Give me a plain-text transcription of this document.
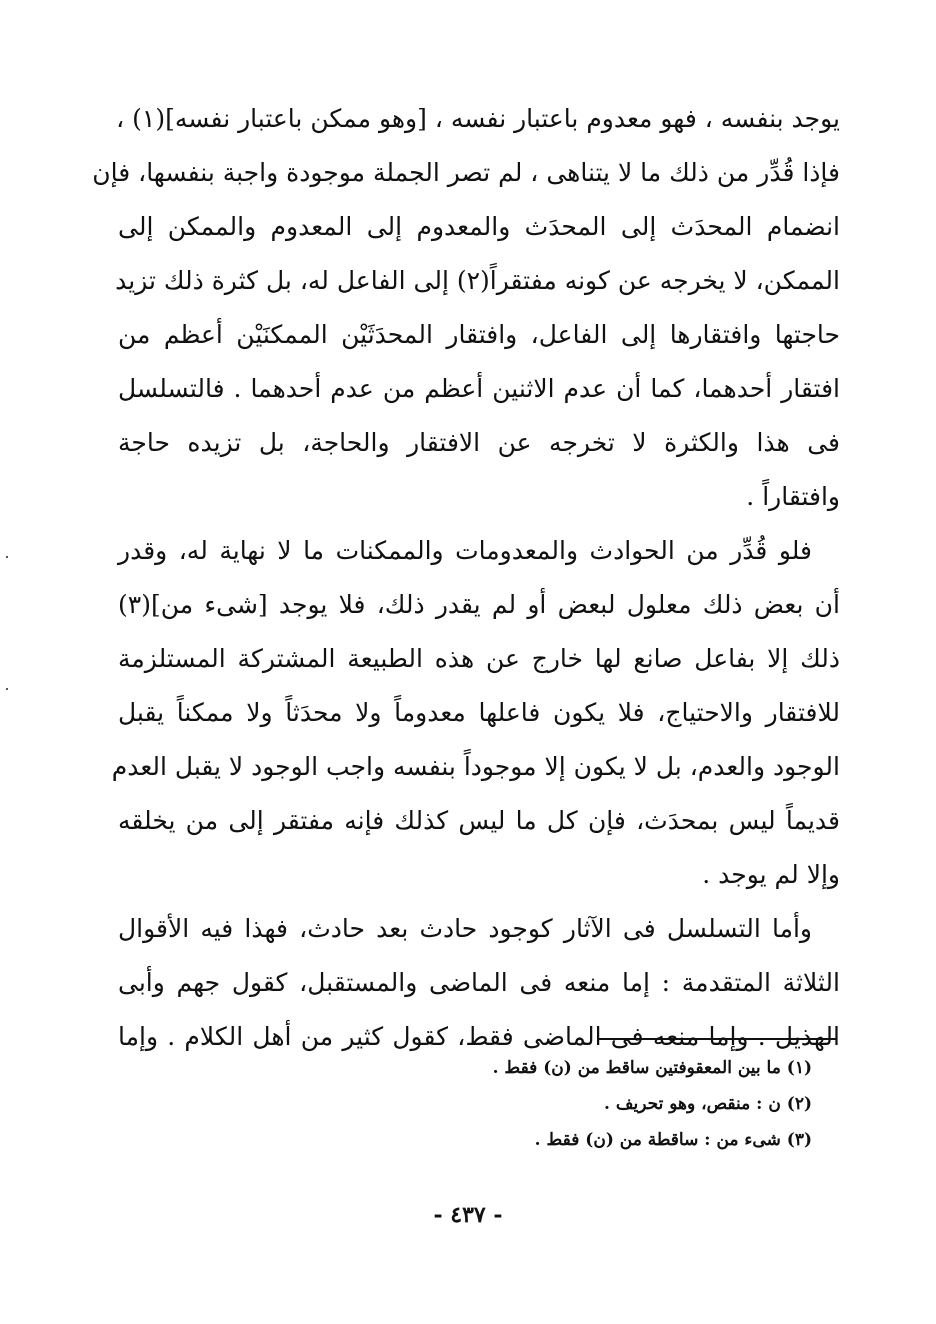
يوجد بنفسه ، فهو معدوم باعتبار نفسه ، [وهو ممكن باعتبار نفسه](١) ،
فإذا قُدِّر من ذلك ما لا يتناهى ، لم تصر الجملة موجودة واجبة بنفسها، فإن
انضمام المحدَث إلى المحدَث والمعدوم إلى المعدوم والممكن إلى
الممكن، لا يخرجه عن كونه مفتقراً(٢) إلى الفاعل له، بل كثرة ذلك تزيد
حاجتها وافتقارها إلى الفاعل، وافتقار المحدَثَيْن الممكنَيْن أعظم من
افتقار أحدهما، كما أن عدم الاثنين أعظم من عدم أحدهما . فالتسلسل
فى هذا والكثرة لا تخرجه عن الافتقار والحاجة، بل تزيده حاجة
وافتقاراً .
فلو قُدِّر من الحوادث والمعدومات والممكنات ما لا نهاية له، وقدر
أن بعض ذلك معلول لبعض أو لم يقدر ذلك، فلا يوجد [شىء من](٣)
ذلك إلا بفاعل صانع لها خارج عن هذه الطبيعة المشتركة المستلزمة
للافتقار والاحتياج، فلا يكون فاعلها معدوماً ولا محدَثاً ولا ممكناً يقبل
الوجود والعدم، بل لا يكون إلا موجوداً بنفسه واجب الوجود لا يقبل العدم
قديماً ليس بمحدَث، فإن كل ما ليس كذلك فإنه مفتقر إلى من يخلقه
وإلا لم يوجد .
وأما التسلسل فى الآثار كوجود حادث بعد حادث، فهذا فيه الأقوال
الثلاثة المتقدمة : إما منعه فى الماضى والمستقبل، كقول جهم وأبى
الهذيل . وإما منعه فى الماضى فقط، كقول كثير من أهل الكلام . وإما
(١) ما بين المعقوفتين ساقط من (ن) فقط .
(٢) ن : منقص، وهو تحريف .
(٣) شىء من : ساقطة من (ن) فقط .
- ٤٣٧ -
